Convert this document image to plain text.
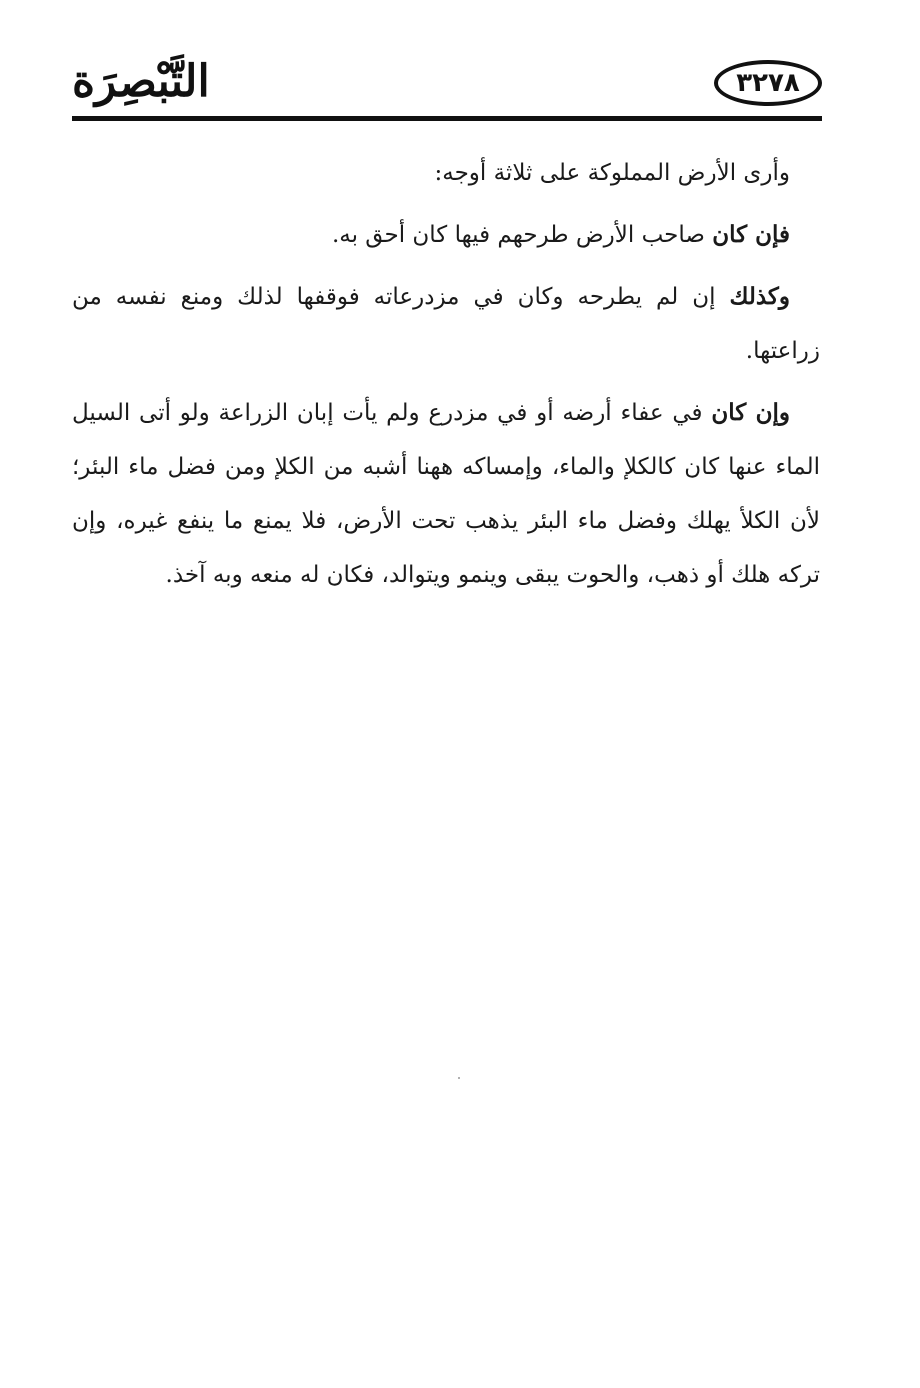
التَّبْصِرَة	٣٢٧٨

وأرى الأرض المملوكة على ثلاثة أوجه:

فإن كان صاحب الأرض طرحهم فيها كان أحق به.

وكذلك إن لم يطرحه وكان في مزدرعاته فوقفها لذلك ومنع نفسه من زراعتها.

وإن كان في عفاء أرضه أو في مزدرع ولم يأت إبان الزراعة ولو أتى السيل الماء عنها كان كالكلإ والماء، وإمساكه ههنا أشبه من الكلإ ومن فضل ماء البئر؛ لأن الكلأ يهلك وفضل ماء البئر يذهب تحت الأرض، فلا يمنع ما ينفع غيره، وإن تركه هلك أو ذهب، والحوت يبقى وينمو ويتوالد، فكان له منعه وبه آخذ.
